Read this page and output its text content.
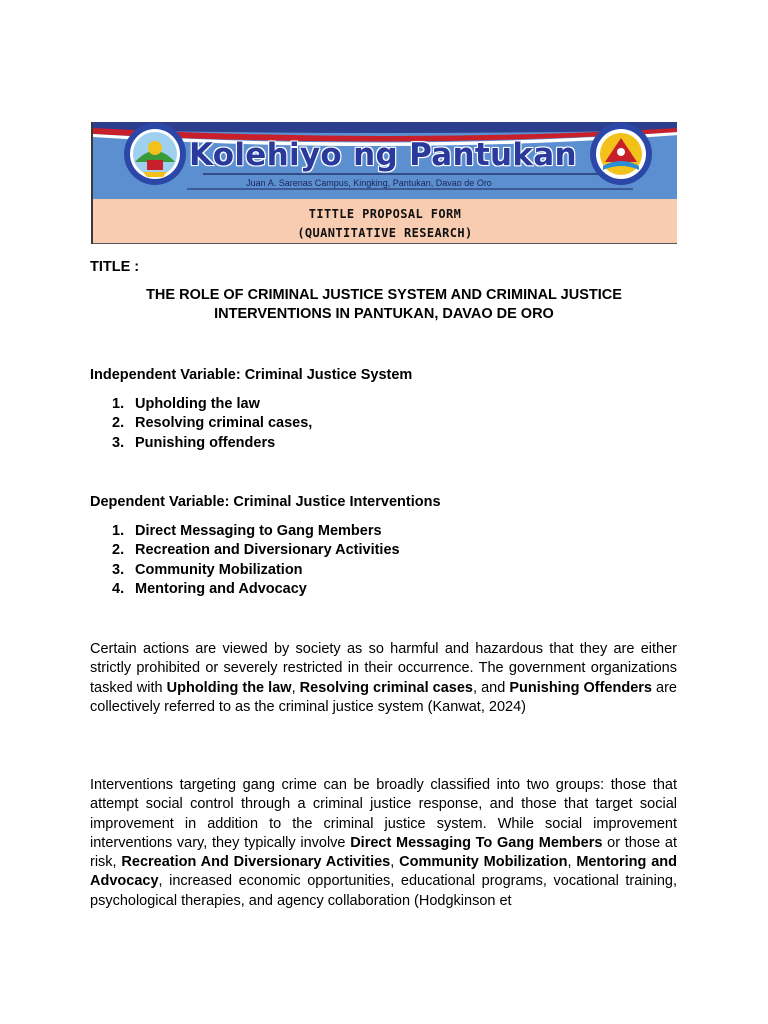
Kolehiyo ng Pantukan
Juan A. Sarenas Campus, Kingking, Pantukan, Davao de Oro
TITTLE PROPOSAL FORM
(QUANTITATIVE RESEARCH)
TITLE :
THE ROLE OF CRIMINAL JUSTICE SYSTEM AND CRIMINAL JUSTICE INTERVENTIONS IN PANTUKAN, DAVAO DE ORO
Independent Variable: Criminal Justice System
1. Upholding the law
2. Resolving criminal cases,
3. Punishing offenders
Dependent Variable: Criminal Justice Interventions
1. Direct Messaging to Gang Members
2. Recreation and Diversionary Activities
3. Community Mobilization
4. Mentoring and Advocacy
Certain actions are viewed by society as so harmful and hazardous that they are either strictly prohibited or severely restricted in their occurrence. The government organizations tasked with Upholding the law, Resolving criminal cases, and Punishing Offenders are collectively referred to as the criminal justice system (Kanwat, 2024)
Interventions targeting gang crime can be broadly classified into two groups: those that attempt social control through a criminal justice response, and those that target social improvement in addition to the criminal justice system. While social improvement interventions vary, they typically involve Direct Messaging To Gang Members or those at risk, Recreation And Diversionary Activities, Community Mobilization, Mentoring and Advocacy, increased economic opportunities, educational programs, vocational training, psychological therapies, and agency collaboration (Hodgkinson et
